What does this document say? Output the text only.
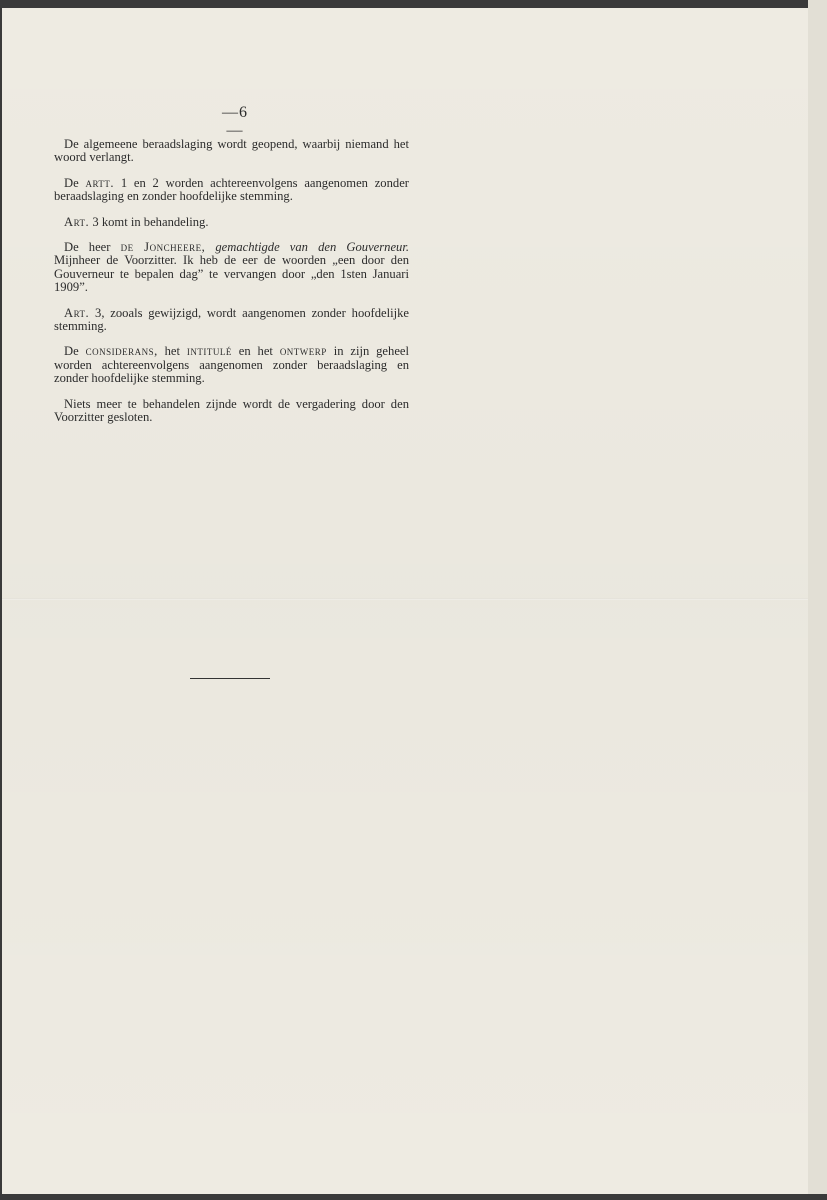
—6—

De algemeene beraadslaging wordt geopend, waarbij niemand het woord verlangt.

De artt. 1 en 2 worden achtereenvolgens aangenomen zonder beraadslaging en zonder hoofdelijke stemming.

Art. 3 komt in behandeling.

De heer de Joncheere, gemachtigde van den Gouverneur. Mijnheer de Voorzitter. Ik heb de eer de woorden „een door den Gouverneur te bepalen dag” te vervangen door „den 1sten Januari 1909”.

Art. 3, zooals gewijzigd, wordt aangenomen zonder hoofdelijke stemming.

De considerans, het intitulé en het ontwerp in zijn geheel worden achtereenvolgens aangenomen zonder beraadslaging en zonder hoofdelijke stemming.

Niets meer te behandelen zijnde wordt de vergadering door den Voorzitter gesloten.
